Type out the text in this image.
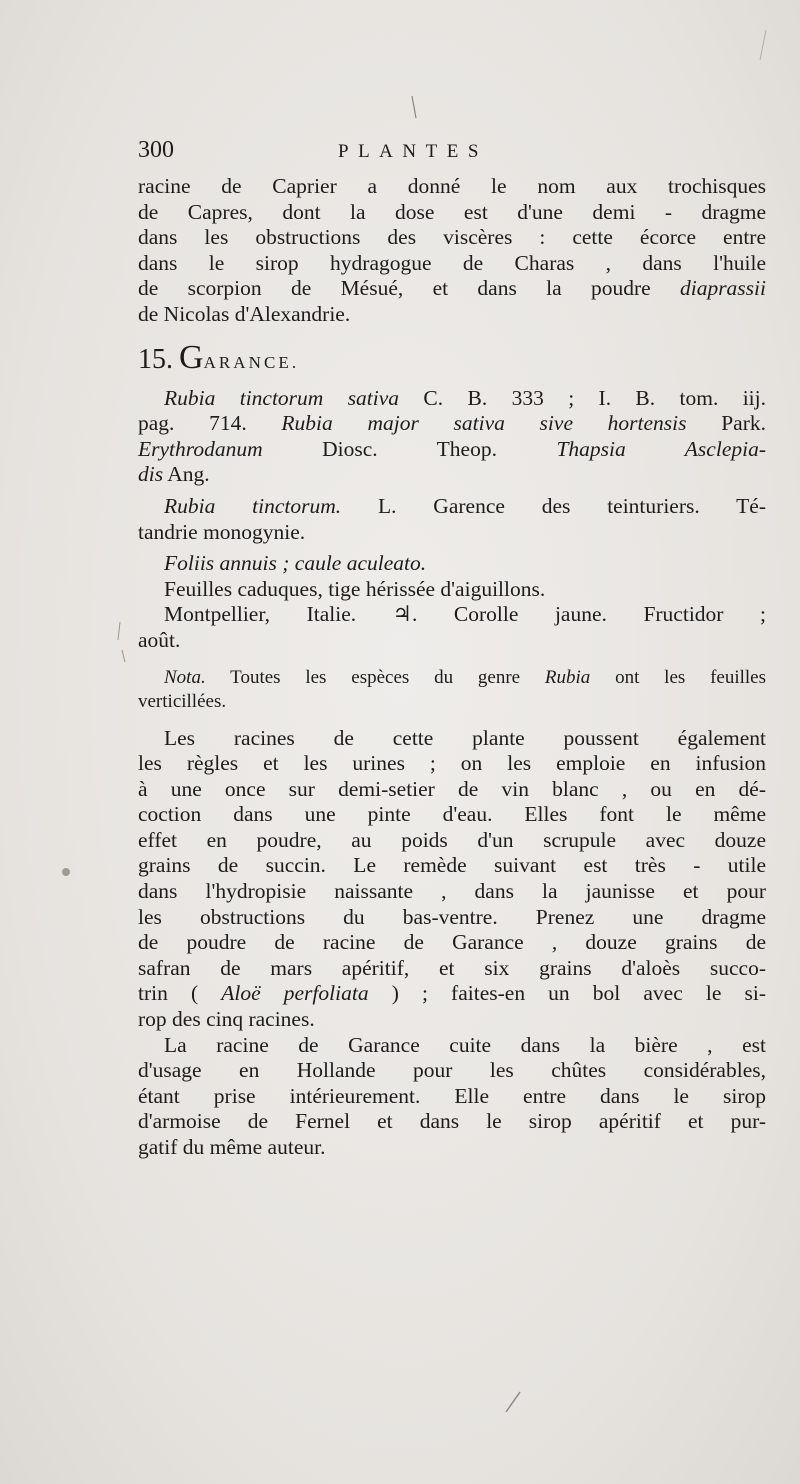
300	PLANTES

racine de Caprier a donné le nom aux trochisques
de Capres, dont la dose est d'une demi - dragme
dans les obstructions des viscères : cette écorce entre
dans le sirop hydragogue de Charas , dans l'huile
de scorpion de Mésué, et dans la poudre diaprassii
de Nicolas d'Alexandrie.

15. GARANCE.

Rubia tinctorum sativa C. B. 333 ; I. B. tom. iij.
pag. 714. Rubia major sativa sive hortensis Park.
Erythrodanum Diosc. Theop. Thapsia Asclepia-
dis Ang.

Rubia tinctorum. L. Garence des teinturiers. Té-
tandrie monogynie.

Foliis annuis ; caule aculeato.

Feuilles caduques, tige hérissée d'aiguillons.
Montpellier, Italie. ♃. Corolle jaune. Fructidor ;
août.

Nota. Toutes les espèces du genre Rubia ont les feuilles
verticillées.

Les racines de cette plante poussent également
les règles et les urines ; on les emploie en infusion
à une once sur demi-setier de vin blanc , ou en dé-
coction dans une pinte d'eau. Elles font le même
effet en poudre, au poids d'un scrupule avec douze
grains de succin. Le remède suivant est très - utile
dans l'hydropisie naissante , dans la jaunisse et pour
les obstructions du bas-ventre. Prenez une dragme
de poudre de racine de Garance , douze grains de
safran de mars apéritif, et six grains d'aloès succo-
trin ( Aloë perfoliata ) ; faites-en un bol avec le si-
rop des cinq racines.

La racine de Garance cuite dans la bière , est
d'usage en Hollande pour les chûtes considérables,
étant prise intérieurement. Elle entre dans le sirop
d'armoise de Fernel et dans le sirop apéritif et pur-
gatif du même auteur.
